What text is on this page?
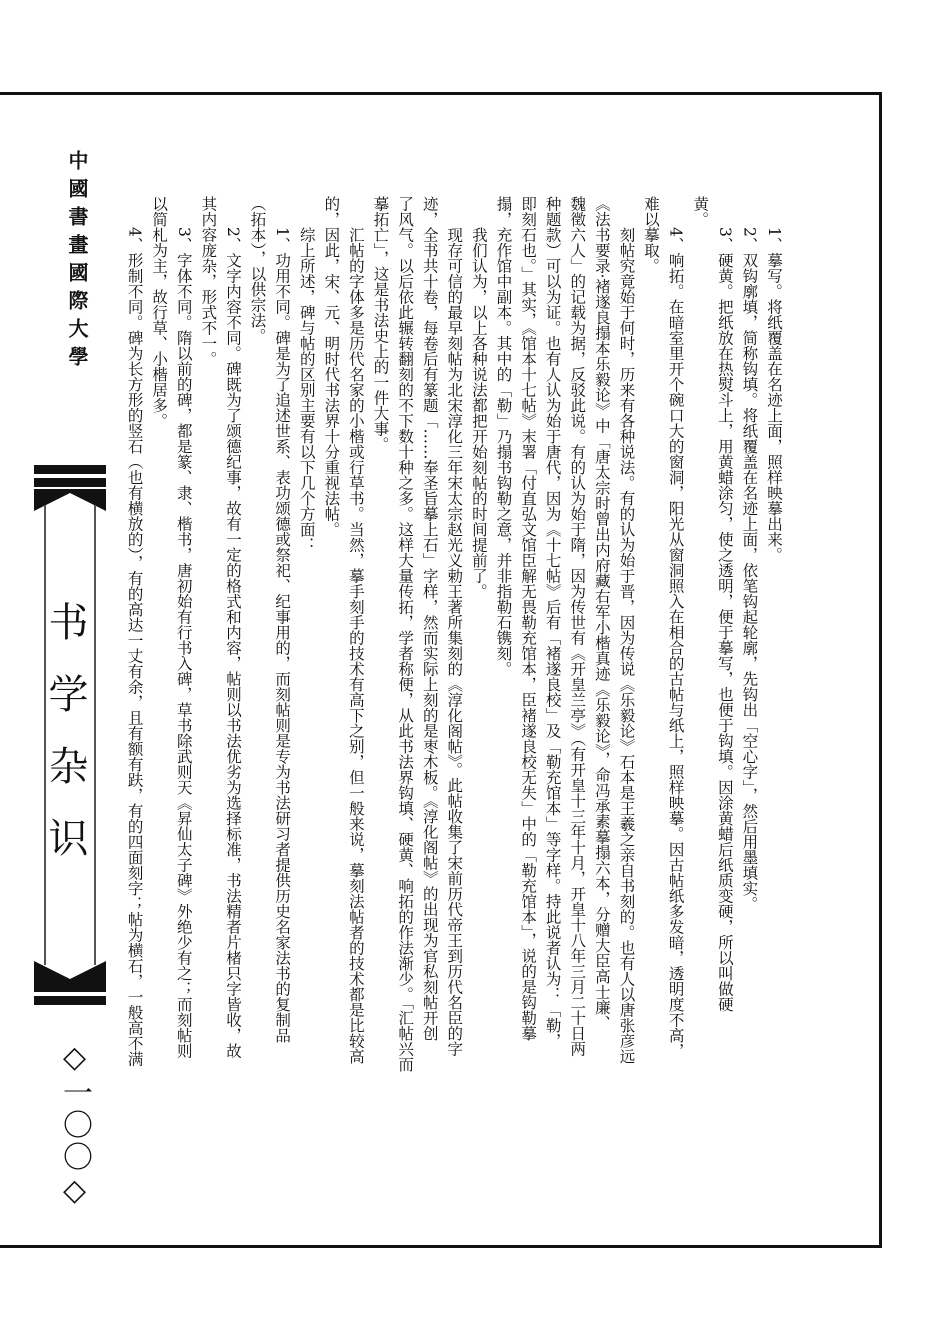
中國書畫國際大學
书学杂识
◇一〇〇◇
1、摹写。将纸覆盖在名迹上面，照样映摹出来。
2、双钩廓填，简称钩填。将纸覆盖在名迹上面，依笔钩起轮廓，先钩出「空心字」，然后用墨填实。
3、硬黄。把纸放在热熨斗上，用黄蜡涂匀，使之透明，便于摹写，也便于钩填。因涂黄蜡后纸质变硬，所以叫做硬
黄。
4、响拓。在暗室里开个碗口大的窗洞，阳光从窗洞照入在相合的古帖与纸上，照样映摹。因古帖纸多发暗，透明度不高，
难以摹取。
刻帖究竟始于何时，历来有各种说法。有的认为始于晋，因为传说《乐毅论》石本是王羲之亲自书刻的。也有人以唐张彦远
《法书要录·褚遂良搨本乐毅论》中「唐太宗时曾出内府藏右军小楷真迹《乐毅论》，命冯承素摹搨六本，分赠大臣高士廉、
魏徵六人」的记载为据，反驳此说。有的认为始于隋，因为传世有《开皇兰亭》（有开皇十三年十月，开皇十八年三月二十日两
种题款）可以为证。也有人认为始于唐代，因为《十七帖》后有「褚遂良校」及「勒充馆本」等字样。持此说者认为：「勒，
即刻石也。」其实，《馆本十七帖》末署「付直弘文馆臣解无畏勒充馆本，臣褚遂良校无失」中的「勒充馆本」，说的是钩勒摹
搨，充作馆中副本。其中的「勒」乃搨书钩勒之意，并非指勒石镌刻。
我们认为，以上各种说法都把开始刻帖的时间提前了。
现存可信的最早刻帖为北宋淳化三年宋太宗赵光义勅王著所集刻的《淳化阁帖》。此帖收集了宋前历代帝王到历代名臣的字
迹，全书共十卷，每卷后有篆题「……奉圣旨摹上石」字样，然而实际上刻的是枣木板。《淳化阁帖》的出现为官私刻帖开创
了风气。以后依此辗转翻刻的不下数十种之多。这样大量传拓，学者称便，从此书法界钩填、硬黄、响拓的作法渐少。「汇帖兴而
摹拓亡」，这是书法史上的一件大事。
汇帖的字体多是历代名家的小楷或行草书。当然，摹手刻手的技术有高下之别，但一般来说，摹刻法帖者的技术都是比较高
的，因此，宋、元、明时代书法界十分重视法帖。
综上所述，碑与帖的区别主要有以下几个方面：
1、功用不同。碑是为了追述世系、表功颂德或祭祀、纪事用的，而刻帖则是专为书法研习者提供历史名家法书的复制品
（拓本），以供宗法。
2、文字内容不同。碑既为了颂德纪事，故有一定的格式和内容，帖则以书法优劣为选择标准，书法精者片楮只字皆收，故
其内容庞杂，形式不一。
3、字体不同。隋以前的碑，都是篆、隶、楷书，唐初始有行书入碑，草书除武则天《昇仙太子碑》外绝少有之；而刻帖则
以简札为主，故行草、小楷居多。
4、形制不同。碑为长方形的竖石（也有横放的），有的高达一丈有余，且有额有趺，有的四面刻字；帖为横石，一般高不满
